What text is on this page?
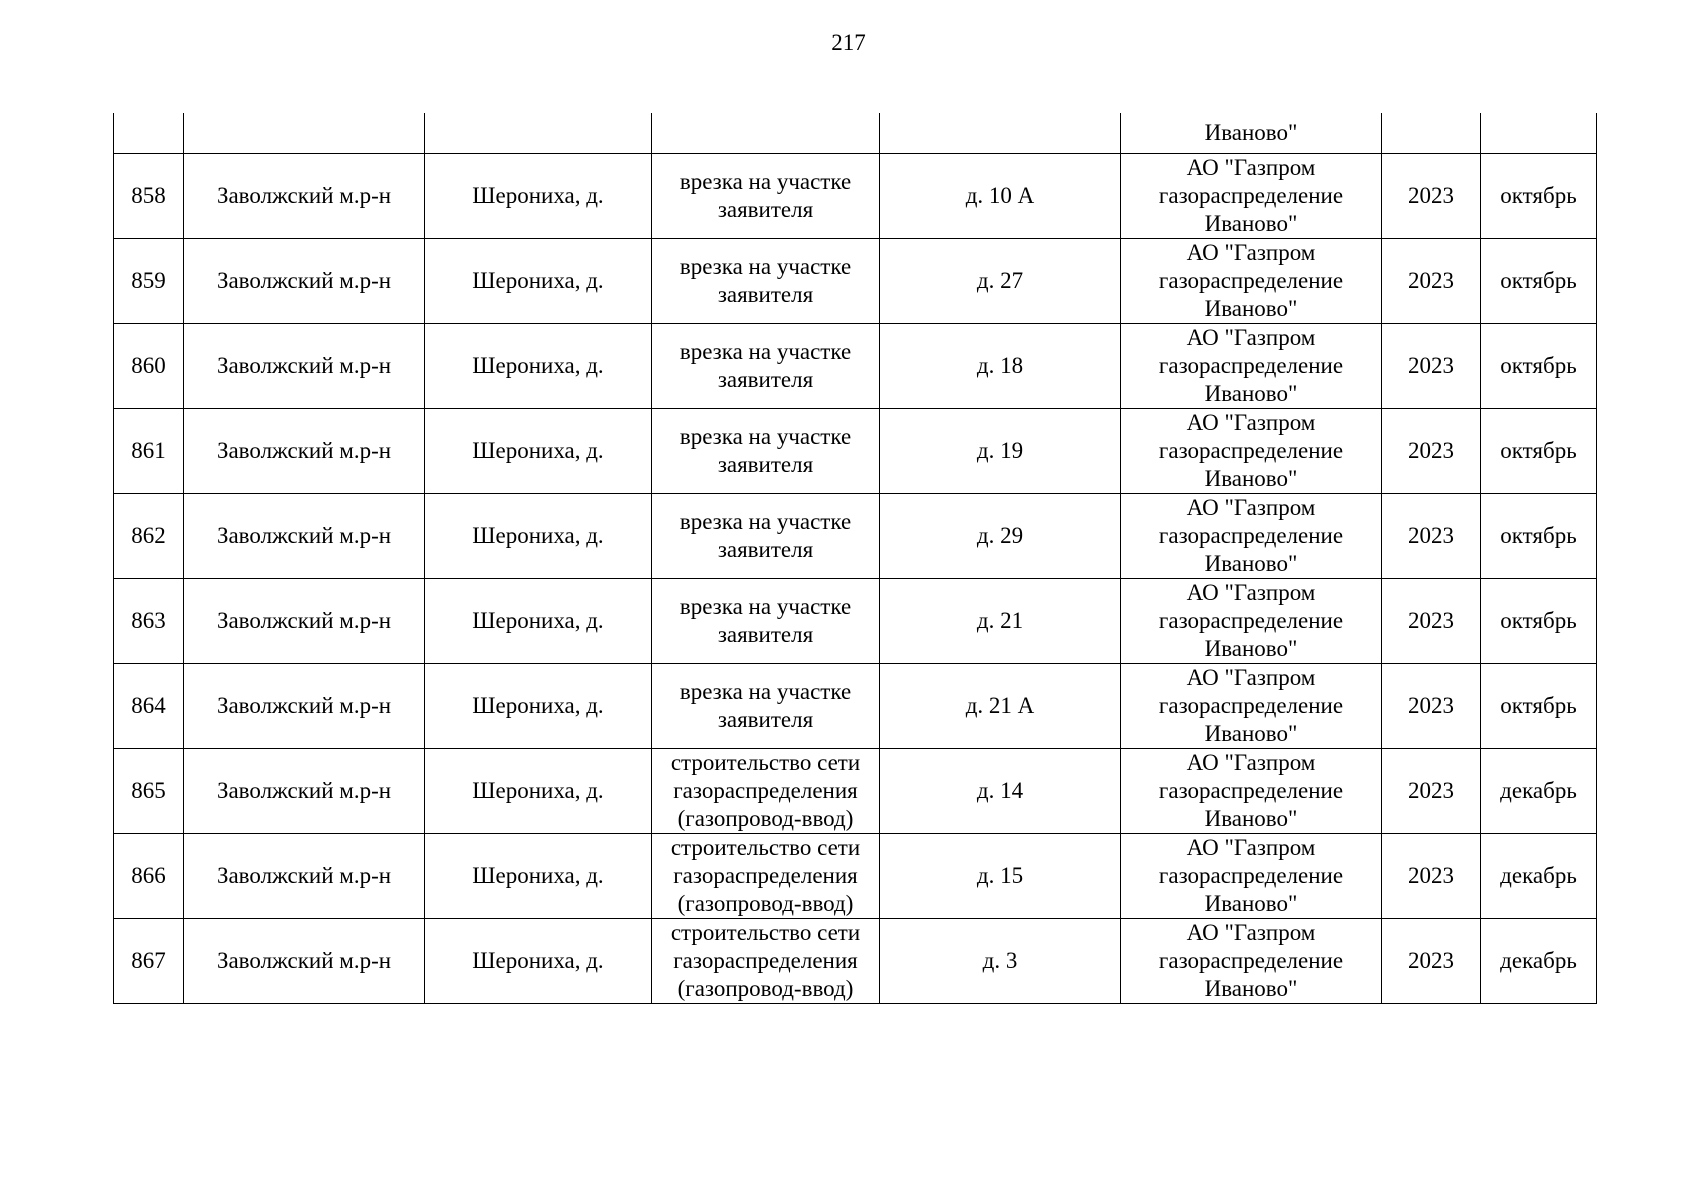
217

					Иваново"		

858	Заволжский м.р-н	Шерониха, д.	врезка на участке
заявителя	д. 10 А	АО "Газпром
газораспределение
Иваново"	2023	октябрь
859	Заволжский м.р-н	Шерониха, д.	врезка на участке
заявителя	д. 27	АО "Газпром
газораспределение
Иваново"	2023	октябрь
860	Заволжский м.р-н	Шерониха, д.	врезка на участке
заявителя	д. 18	АО "Газпром
газораспределение
Иваново"	2023	октябрь
861	Заволжский м.р-н	Шерониха, д.	врезка на участке
заявителя	д. 19	АО "Газпром
газораспределение
Иваново"	2023	октябрь
862	Заволжский м.р-н	Шерониха, д.	врезка на участке
заявителя	д. 29	АО "Газпром
газораспределение
Иваново"	2023	октябрь
863	Заволжский м.р-н	Шерониха, д.	врезка на участке
заявителя	д. 21	АО "Газпром
газораспределение
Иваново"	2023	октябрь
864	Заволжский м.р-н	Шерониха, д.	врезка на участке
заявителя	д. 21 А	АО "Газпром
газораспределение
Иваново"	2023	октябрь
865	Заволжский м.р-н	Шерониха, д.	строительство сети
газораспределения
(газопровод-ввод)	д. 14	АО "Газпром
газораспределение
Иваново"	2023	декабрь
866	Заволжский м.р-н	Шерониха, д.	строительство сети
газораспределения
(газопровод-ввод)	д. 15	АО "Газпром
газораспределение
Иваново"	2023	декабрь
867	Заволжский м.р-н	Шерониха, д.	строительство сети
газораспределения
(газопровод-ввод)	д. 3	АО "Газпром
газораспределение
Иваново"	2023	декабрь
